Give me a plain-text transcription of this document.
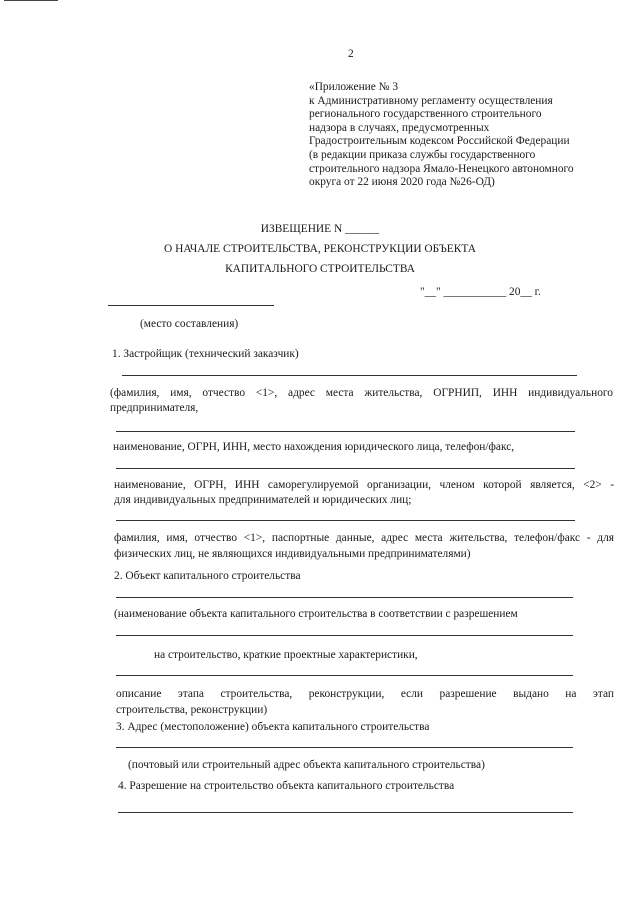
2
«Приложение № 3
к Административному регламенту осуществления
регионального государственного строительного
надзора в случаях, предусмотренных
Градостроительным кодексом Российской Федерации
(в редакции приказа службы государственного
строительного надзора Ямало-Ненецкого автономного
округа от 22 июня 2020 года №26-ОД)
ИЗВЕЩЕНИЕ N ______
О НАЧАЛЕ СТРОИТЕЛЬСТВА, РЕКОНСТРУКЦИИ ОБЪЕКТА
КАПИТАЛЬНОГО СТРОИТЕЛЬСТВА
"__" ___________ 20__ г.
(место составления)
1. Застройщик (технический заказчик)
(фамилия, имя, отчество <1>, адрес места жительства, ОГРНИП, ИНН индивидуального
предпринимателя,
наименование, ОГРН, ИНН, место нахождения юридического лица, телефон/факс,
наименование, ОГРН, ИНН саморегулируемой организации, членом которой является, <2> -
для индивидуальных предпринимателей и юридических лиц;
фамилия, имя, отчество <1>, паспортные данные, адрес места жительства, телефон/факс - для
физических лиц, не являющихся индивидуальными предпринимателями)
2. Объект капитального строительства
(наименование объекта капитального строительства в соответствии с разрешением
на строительство, краткие проектные характеристики,
описание этапа строительства, реконструкции, если разрешение выдано на этап
строительства, реконструкции)
3. Адрес (местоположение) объекта капитального строительства
(почтовый или строительный адрес объекта капитального строительства)
4. Разрешение на строительство объекта капитального строительства
